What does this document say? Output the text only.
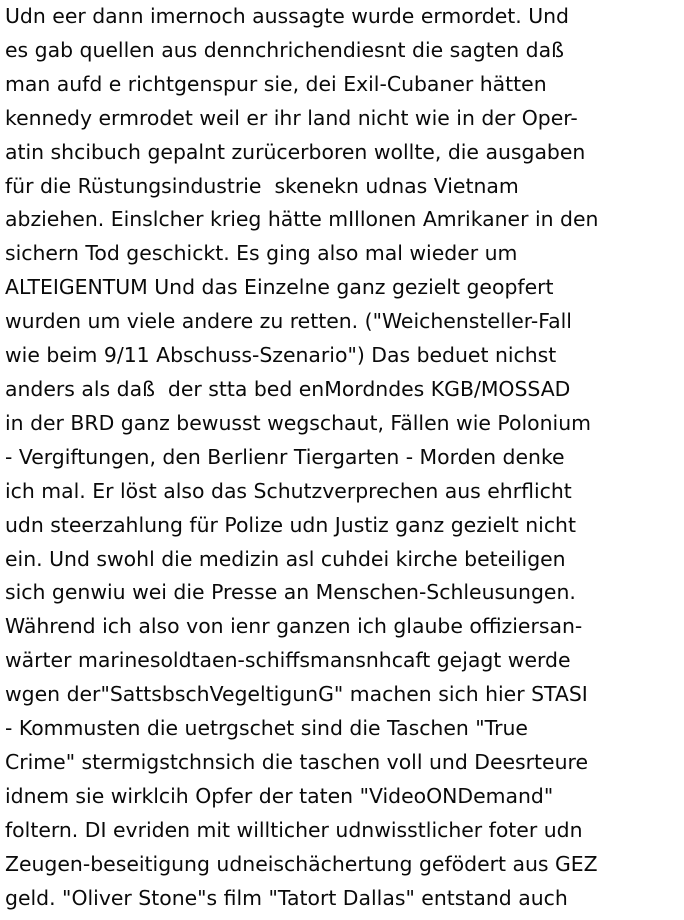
Udn eer dann imernoch aussagte wurde ermordet. Und
es gab quellen aus dennchrichendiesnt die sagten daß
man aufd e richtgenspur sie, dei Exil-Cubaner hätten
kennedy ermrodet weil er ihr land nicht wie in der Oper-
atin shcibuch gepalnt zurücerboren wollte, die ausgaben
für die Rüstungsindustrie  skenekn udnas Vietnam
abziehen. Einslcher krieg hätte mIllonen Amrikaner in den
sichern Tod geschickt. Es ging also mal wieder um
ALTEIGENTUM Und das Einzelne ganz gezielt geopfert
wurden um viele andere zu retten. ("Weichensteller-Fall
wie beim 9/11 Abschuss-Szenario") Das beduet nichst
anders als daß  der stta bed enMordndes KGB/MOSSAD
in der BRD ganz bewusst wegschaut, Fällen wie Polonium
- Vergiftungen, den Berlienr Tiergarten - Morden denke
ich mal. Er löst also das Schutzverprechen aus ehrflicht
udn steerzahlung für Polize udn Justiz ganz gezielt nicht
ein. Und swohl die medizin asl cuhdei kirche beteiligen
sich genwiu wei die Presse an Menschen-Schleusungen.
Während ich also von ienr ganzen ich glaube offiziersan-
wärter marinesoldtaen-schiffsmansnhcaft gejagt werde
wgen der"SattsbschVegeltigunG" machen sich hier STASI
- Kommusten die uetrgschet sind die Taschen "True
Crime" stermigstchnsich die taschen voll und Deesrteure
idnem sie wirklcih Opfer der taten "VideoONDemand"
foltern. DI evriden mit willticher udnwisstlicher foter udn
Zeugen-beseitigung udneischächertung gefödert aus GEZ
geld. "Oliver Stone"s film "Tatort Dallas" entstand auch
